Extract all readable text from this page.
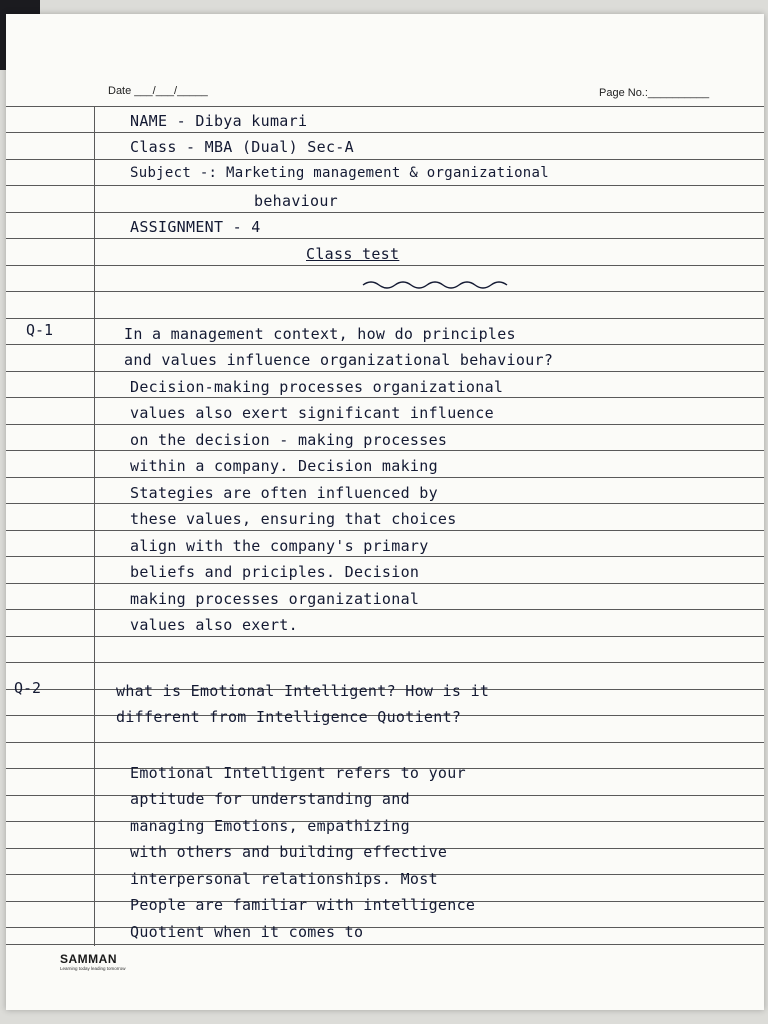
Date ___/___/_____	Page No.:__________
NAME - Dibya kumari
Class - MBA (Dual) Sec-A
Subject -: Marketing management & organizational
behaviour
ASSIGNMENT - 4
Class test
Q-1	In a management context, how do principles
and values influence organizational behaviour?
Decision-making processes organizational
values also exert significant influence
on the decision - making processes
within a company. Decision making
Stategies are often influenced by
these values, ensuring that choices
align with the company's primary
beliefs and priciples. Decision
making processes organizational
values also exert.
Q-2	what is Emotional Intelligent? How is it
different from Intelligence Quotient?
Emotional Intelligent refers to your
aptitude for understanding and
managing Emotions, empathizing
with others and building effective
interpersonal relationships. Most
People are familiar with intelligence
Quotient when it comes to
SAMMAN
Learning today leading tomorrow
